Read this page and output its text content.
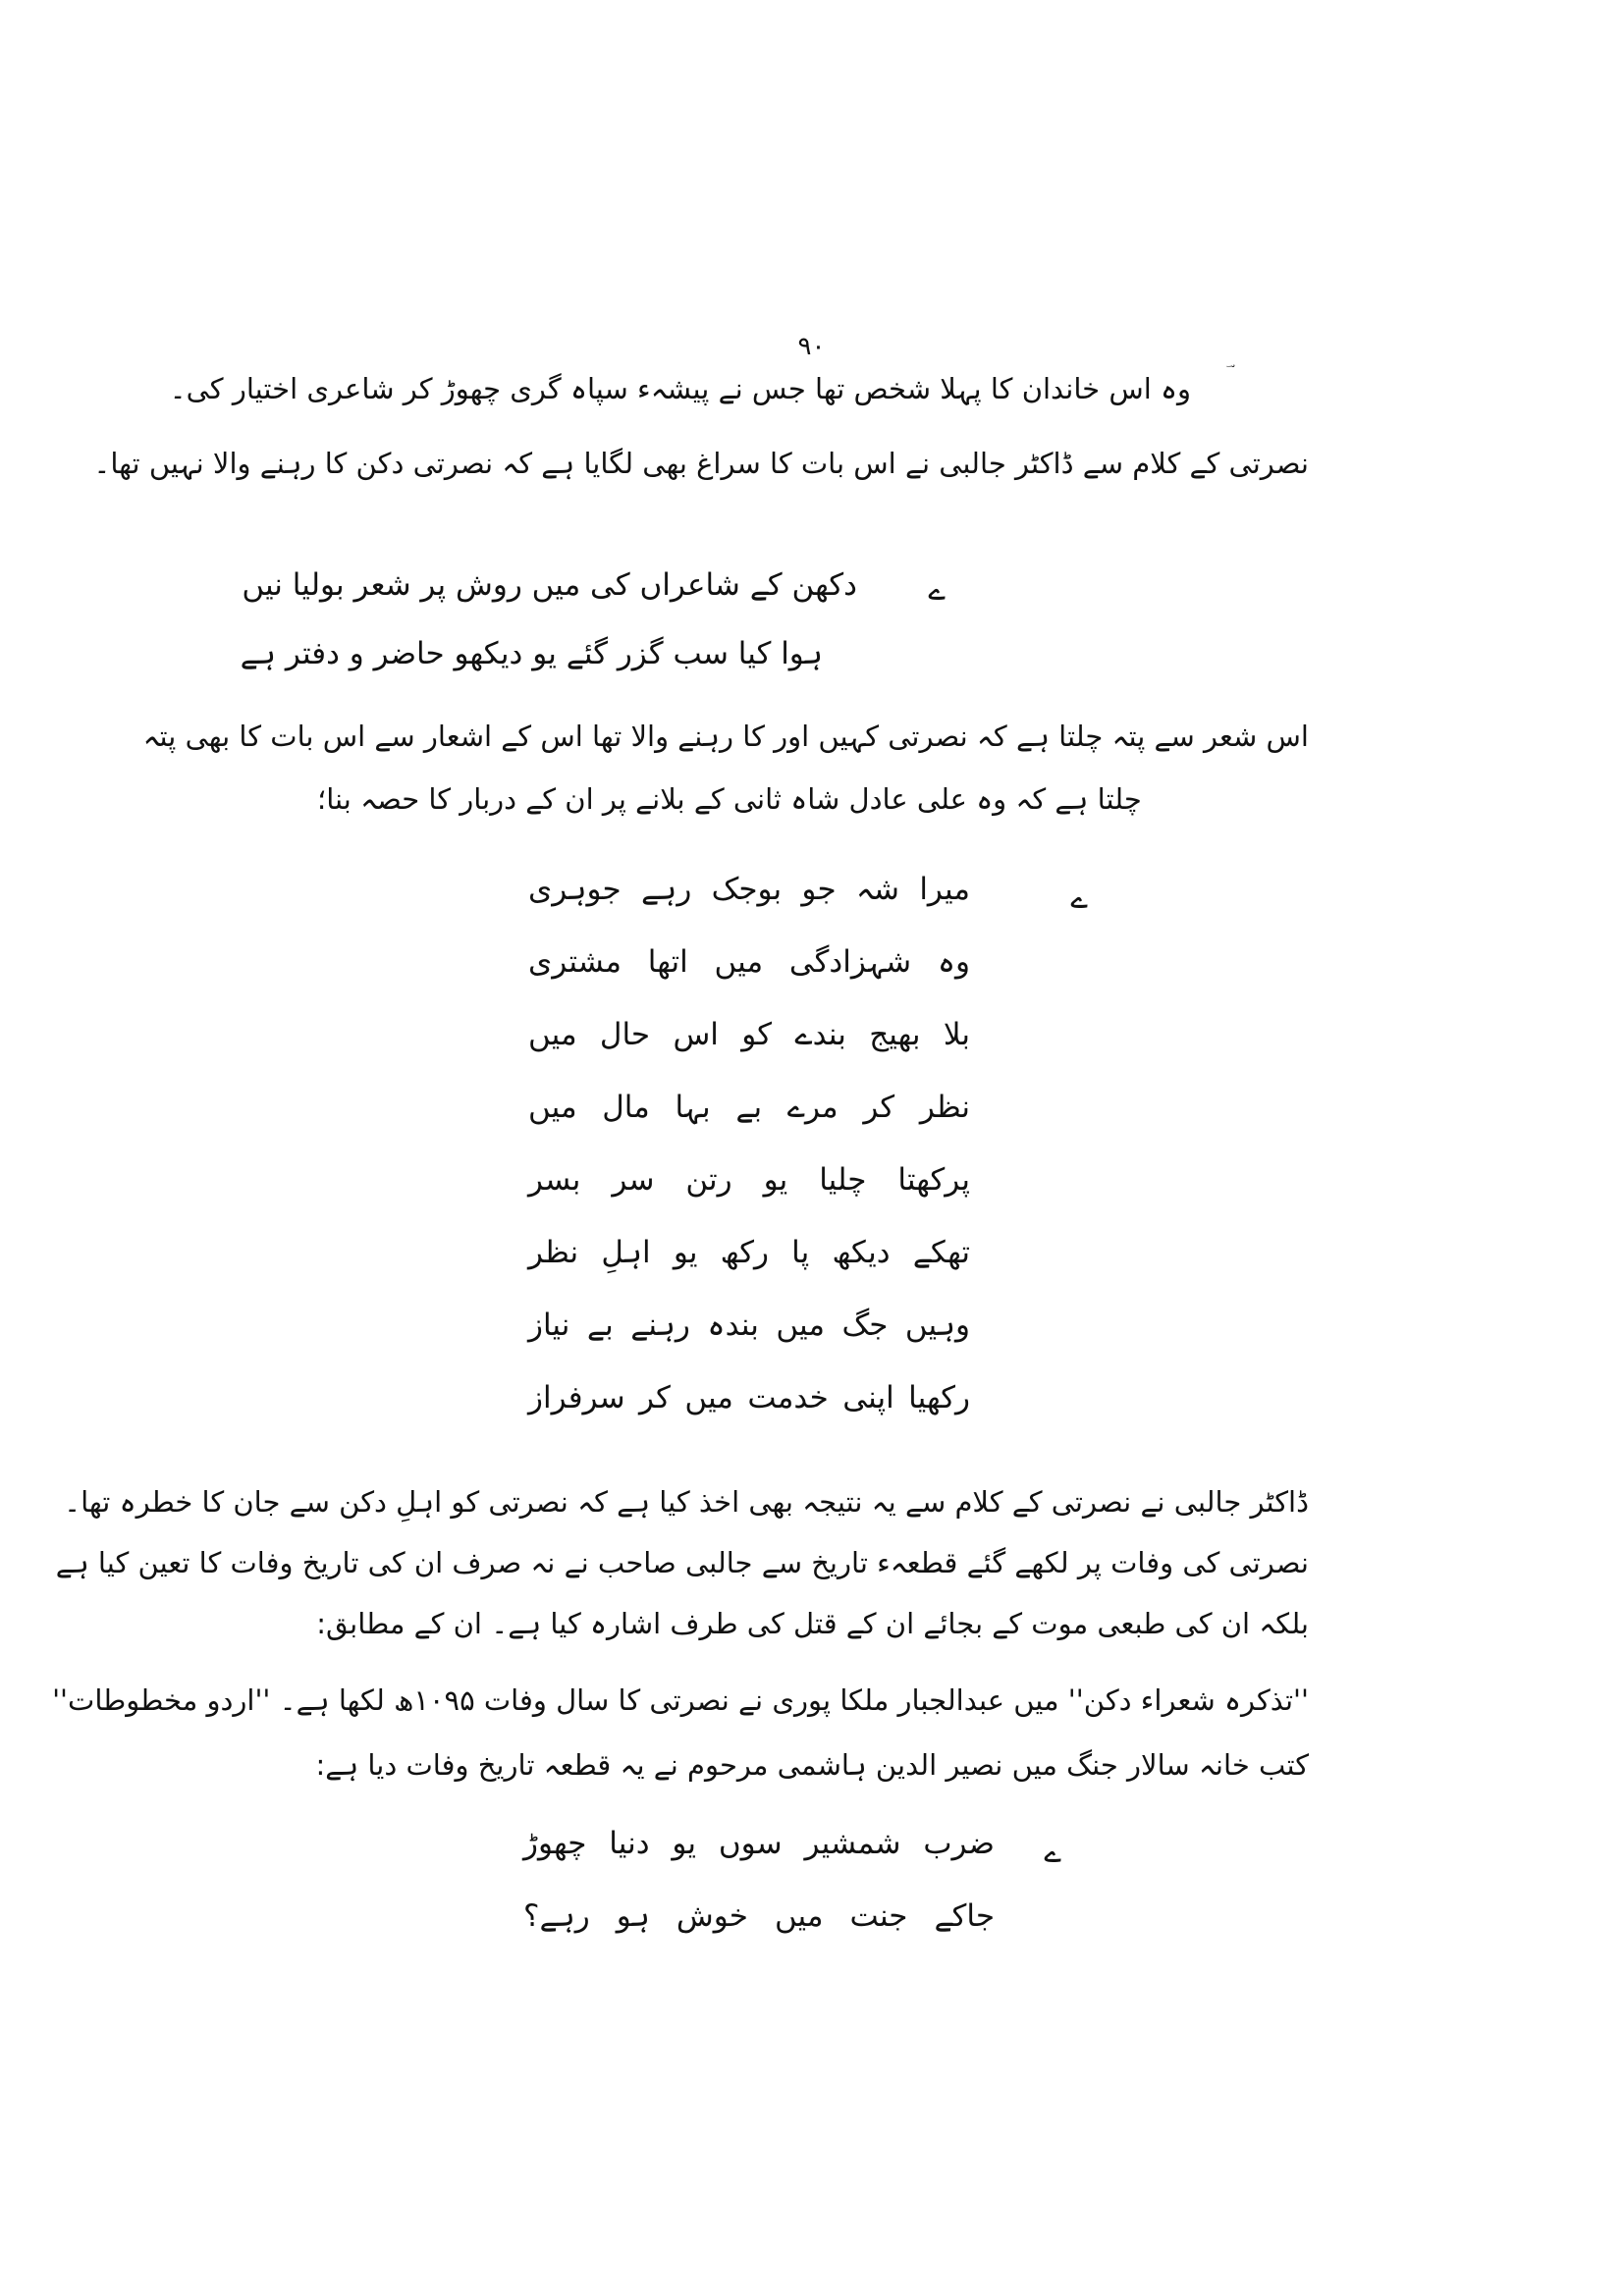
۹۰
وہ اس خاندان کا پہلا شخص تھا جس نے پیشہء سپاہ گری چھوڑ کر شاعری اختیار کی۔
نصرتی کے کلام سے ڈاکٹر جالبی نے اس بات کا سراغ بھی لگایا ہے کہ نصرتی دکن کا رہنے والا نہیں تھا۔
ے
دکھن کے شاعراں کی میں روش پر شعر بولیا نیں
ہوا کیا سب گزر گئے یو دیکھو حاضر و دفتر ہے
اس شعر سے پتہ چلتا ہے کہ نصرتی کہیں اور کا رہنے والا تھا اس کے اشعار سے اس بات کا بھی پتہ
چلتا ہے کہ وہ علی عادل شاہ ثانی کے بلانے پر ان کے دربار کا حصہ بنا؛
ے
میرا شہ جو بوجک رہے جوہری
وہ شہزادگی میں اتھا مشتری
بلا بھیج بندے کو اس حال میں
نظر کر مرے بے بہا مال میں
پرکھتا چلیا یو رتن سر بسر
تھکے دیکھ پا رکھ یو اہلِ نظر
وہیں جگ میں بندہ رہنے بے نیاز
رکھیا اپنی خدمت میں کر سرفراز
ڈاکٹر جالبی نے نصرتی کے کلام سے یہ نتیجہ بھی اخذ کیا ہے کہ نصرتی کو اہلِ دکن سے جان کا خطرہ تھا۔
نصرتی کی وفات پر لکھے گئے قطعہء تاریخ سے جالبی صاحب نے نہ صرف ان کی تاریخ وفات کا تعین کیا ہے
بلکہ ان کی طبعی موت کے بجائے ان کے قتل کی طرف اشارہ کیا ہے۔ ان کے مطابق:
''تذکرہ شعراء دکن'' میں عبدالجبار ملکا پوری نے نصرتی کا سال وفات ۱۰۹۵ھ لکھا ہے۔ ''اردو مخطوطات''
کتب خانہ سالار جنگ میں نصیر الدین ہاشمی مرحوم نے یہ قطعہ تاریخ وفات دیا ہے:
ے
ضرب شمشیر سوں یو دنیا چھوڑ
جاکے جنت میں خوش ہو رہے؟
